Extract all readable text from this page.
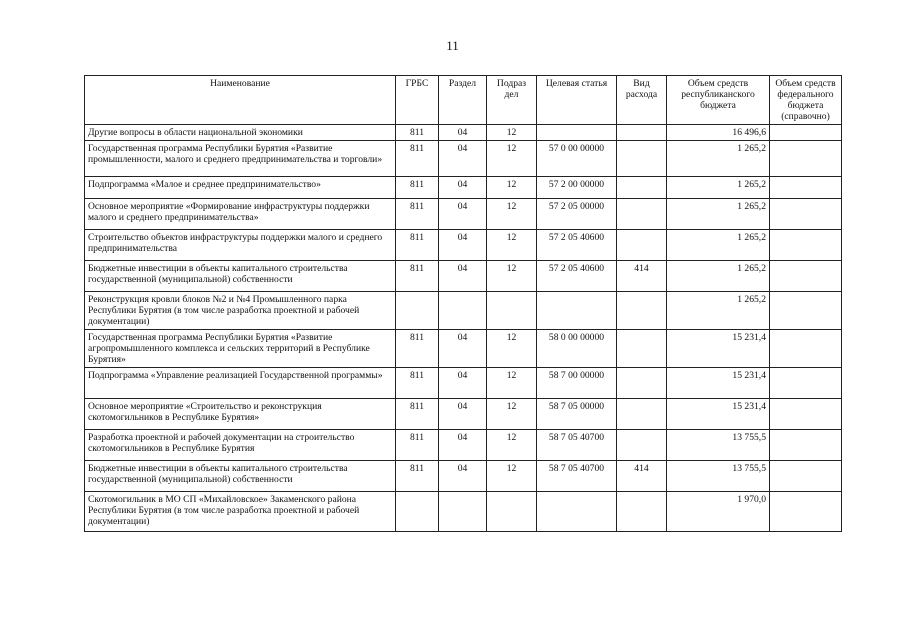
11
Наименование	ГРБС	Раздел	Подраз дел	Целевая статья	Вид расхода	Объем средств республиканского бюджета	Объем средств федерального бюджета (справочно)
Другие вопросы в области национальной экономики	811	04	12			16 496,6	
Государственная программа Республики Бурятия «Развитие промышленности, малого и среднего предпринимательства и торговли»	811	04	12	57 0 00 00000		1 265,2	
Подпрограмма «Малое и среднее предпринимательство»	811	04	12	57 2 00 00000		1 265,2	
Основное мероприятие «Формирование инфраструктуры поддержки малого и среднего предпринимательства»	811	04	12	57 2 05 00000		1 265,2	
Строительство объектов инфраструктуры поддержки малого и среднего предпринимательства	811	04	12	57 2 05 40600		1 265,2	
Бюджетные инвестиции в объекты капитального строительства государственной (муниципальной) собственности	811	04	12	57 2 05 40600	414	1 265,2	
Реконструкция кровли блоков №2 и №4 Промышленного парка Республики Бурятия (в том числе разработка проектной и рабочей документации)						1 265,2	
Государственная программа Республики Бурятия «Развитие агропромышленного комплекса и сельских территорий в Республике Бурятия»	811	04	12	58 0 00 00000		15 231,4	
Подпрограмма «Управление реализацией Государственной программы»	811	04	12	58 7 00 00000		15 231,4	
Основное мероприятие «Строительство и реконструкция скотомогильников в Республике Бурятия»	811	04	12	58 7 05 00000		15 231,4	
Разработка проектной и рабочей документации на строительство скотомогильников в Республике Бурятия	811	04	12	58 7 05 40700		13 755,5	
Бюджетные инвестиции в объекты капитального строительства государственной (муниципальной) собственности	811	04	12	58 7 05 40700	414	13 755,5	
Скотомогильник в МО СП «Михайловское» Закаменского района Республики Бурятия (в том числе разработка проектной и рабочей документации)						1 970,0	
